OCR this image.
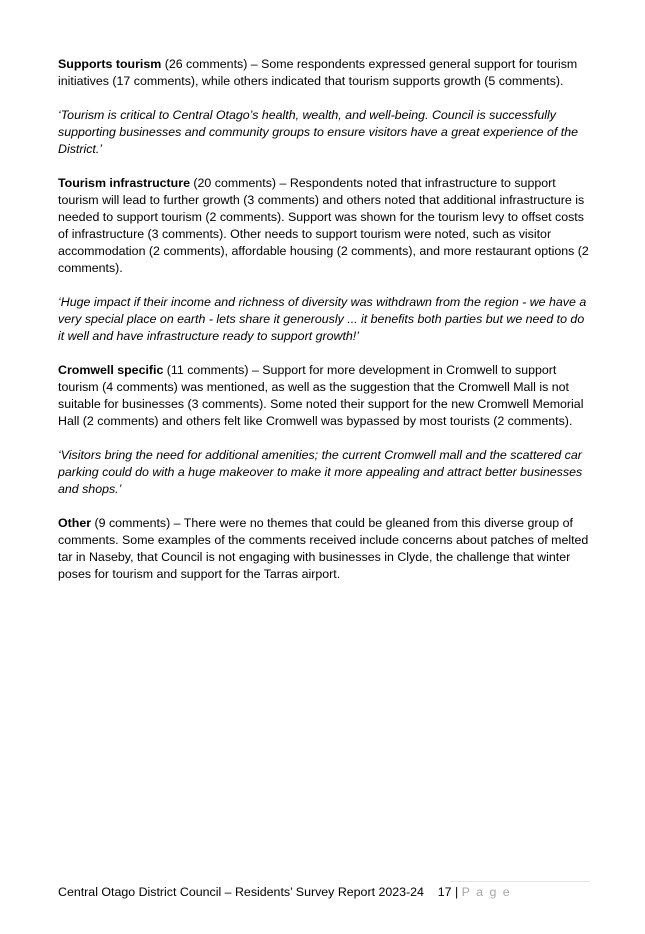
Supports tourism (26 comments) – Some respondents expressed general support for tourism initiatives (17 comments), while others indicated that tourism supports growth (5 comments).

‘Tourism is critical to Central Otago’s health, wealth, and well-being. Council is successfully supporting businesses and community groups to ensure visitors have a great experience of the District.’

Tourism infrastructure (20 comments) – Respondents noted that infrastructure to support tourism will lead to further growth (3 comments) and others noted that additional infrastructure is needed to support tourism (2 comments). Support was shown for the tourism levy to offset costs of infrastructure (3 comments). Other needs to support tourism were noted, such as visitor accommodation (2 comments), affordable housing (2 comments), and more restaurant options (2 comments).

‘Huge impact if their income and richness of diversity was withdrawn from the region - we have a very special place on earth - lets share it generously ... it benefits both parties but we need to do it well and have infrastructure ready to support growth!’

Cromwell specific (11 comments) – Support for more development in Cromwell to support tourism (4 comments) was mentioned, as well as the suggestion that the Cromwell Mall is not suitable for businesses (3 comments). Some noted their support for the new Cromwell Memorial Hall (2 comments) and others felt like Cromwell was bypassed by most tourists (2 comments).

‘Visitors bring the need for additional amenities; the current Cromwell mall and the scattered car parking could do with a huge makeover to make it more appealing and attract better businesses and shops.’

Other (9 comments) – There were no themes that could be gleaned from this diverse group of comments. Some examples of the comments received include concerns about patches of melted tar in Naseby, that Council is not engaging with businesses in Clyde, the challenge that winter poses for tourism and support for the Tarras airport.

Central Otago District Council – Residents’ Survey Report 2023-24 17 | P a g e
